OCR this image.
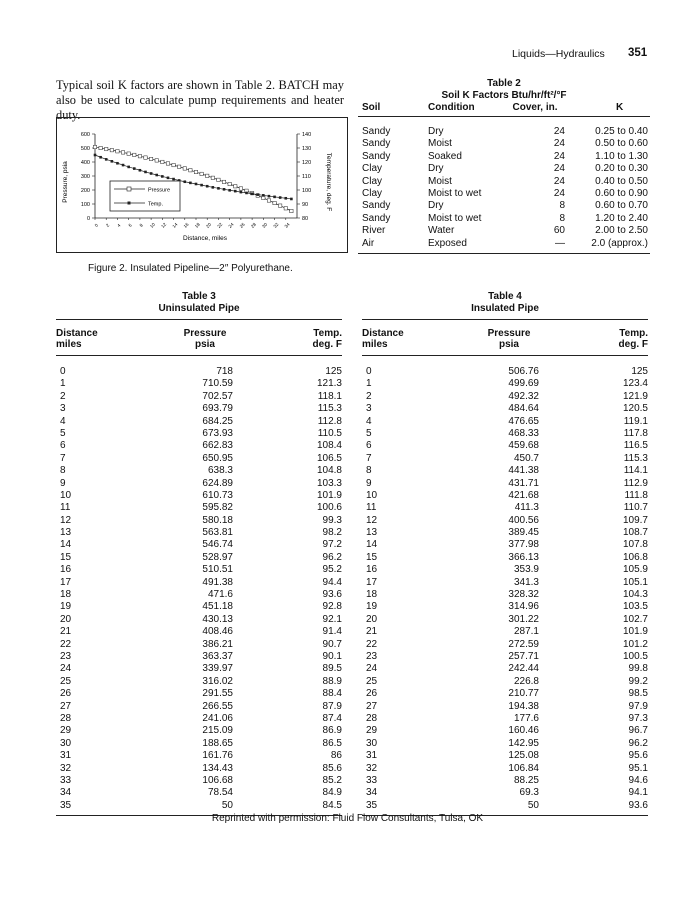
Liquids—Hydraulics 351
Typical soil K factors are shown in Table 2. BATCH may also be used to calculate pump requirements and heater duty.
600
500
400
300
200
100
0
140
130
120
110
100
90
80
0 2 4 6 8 10 12 14 16 18 20 22 24 26 28 30 32 34
Pressure
Temp.
Pressure, psia	Temperature, deg. F
Distance, miles
Figure 2. Insulated Pipeline—2″ Polyurethane.
Table 2
Soil K Factors Btu/hr/ft²/°F
Soil	Condition	Cover, in.	K
Sandy	Dry	24	0.25 to 0.40
Sandy	Moist	24	0.50 to 0.60
Sandy	Soaked	24	1.10 to 1.30
Clay	Dry	24	0.20 to 0.30
Clay	Moist	24	0.40 to 0.50
Clay	Moist to wet	24	0.60 to 0.90
Sandy	Dry	8	0.60 to 0.70
Sandy	Moist to wet	8	1.20 to 2.40
River	Water	60	2.00 to 2.50
Air	Exposed	—	2.0 (approx.)
Table 3
Uninsulated Pipe
Distance
miles
Pressure
psia
Temp.
deg. F
0	718	125
1	710.59	121.3
2	702.57	118.1
3	693.79	115.3
4	684.25	112.8
5	673.93	110.5
6	662.83	108.4
7	650.95	106.5
8	638.3	104.8
9	624.89	103.3
10	610.73	101.9
11	595.82	100.6
12	580.18	99.3
13	563.81	98.2
14	546.74	97.2
15	528.97	96.2
16	510.51	95.2
17	491.38	94.4
18	471.6	93.6
19	451.18	92.8
20	430.13	92.1
21	408.46	91.4
22	386.21	90.7
23	363.37	90.1
24	339.97	89.5
25	316.02	88.9
26	291.55	88.4
27	266.55	87.9
28	241.06	87.4
29	215.09	86.9
30	188.65	86.5
31	161.76	86
32	134.43	85.6
33	106.68	85.2
34	78.54	84.9
35	50	84.5
Table 4
Insulated Pipe
Distance
miles
Pressure
psia
Temp.
deg. F
0	506.76	125
1	499.69	123.4
2	492.32	121.9
3	484.64	120.5
4	476.65	119.1
5	468.33	117.8
6	459.68	116.5
7	450.7	115.3
8	441.38	114.1
9	431.71	112.9
10	421.68	111.8
11	411.3	110.7
12	400.56	109.7
13	389.45	108.7
14	377.98	107.8
15	366.13	106.8
16	353.9	105.9
17	341.3	105.1
18	328.32	104.3
19	314.96	103.5
20	301.22	102.7
21	287.1	101.9
22	272.59	101.2
23	257.71	100.5
24	242.44	99.8
25	226.8	99.2
26	210.77	98.5
27	194.38	97.9
28	177.6	97.3
29	160.46	96.7
30	142.95	96.2
31	125.08	95.6
32	106.84	95.1
33	88.25	94.6
34	69.3	94.1
35	50	93.6
Reprinted with permission: Fluid Flow Consultants, Tulsa, OK
